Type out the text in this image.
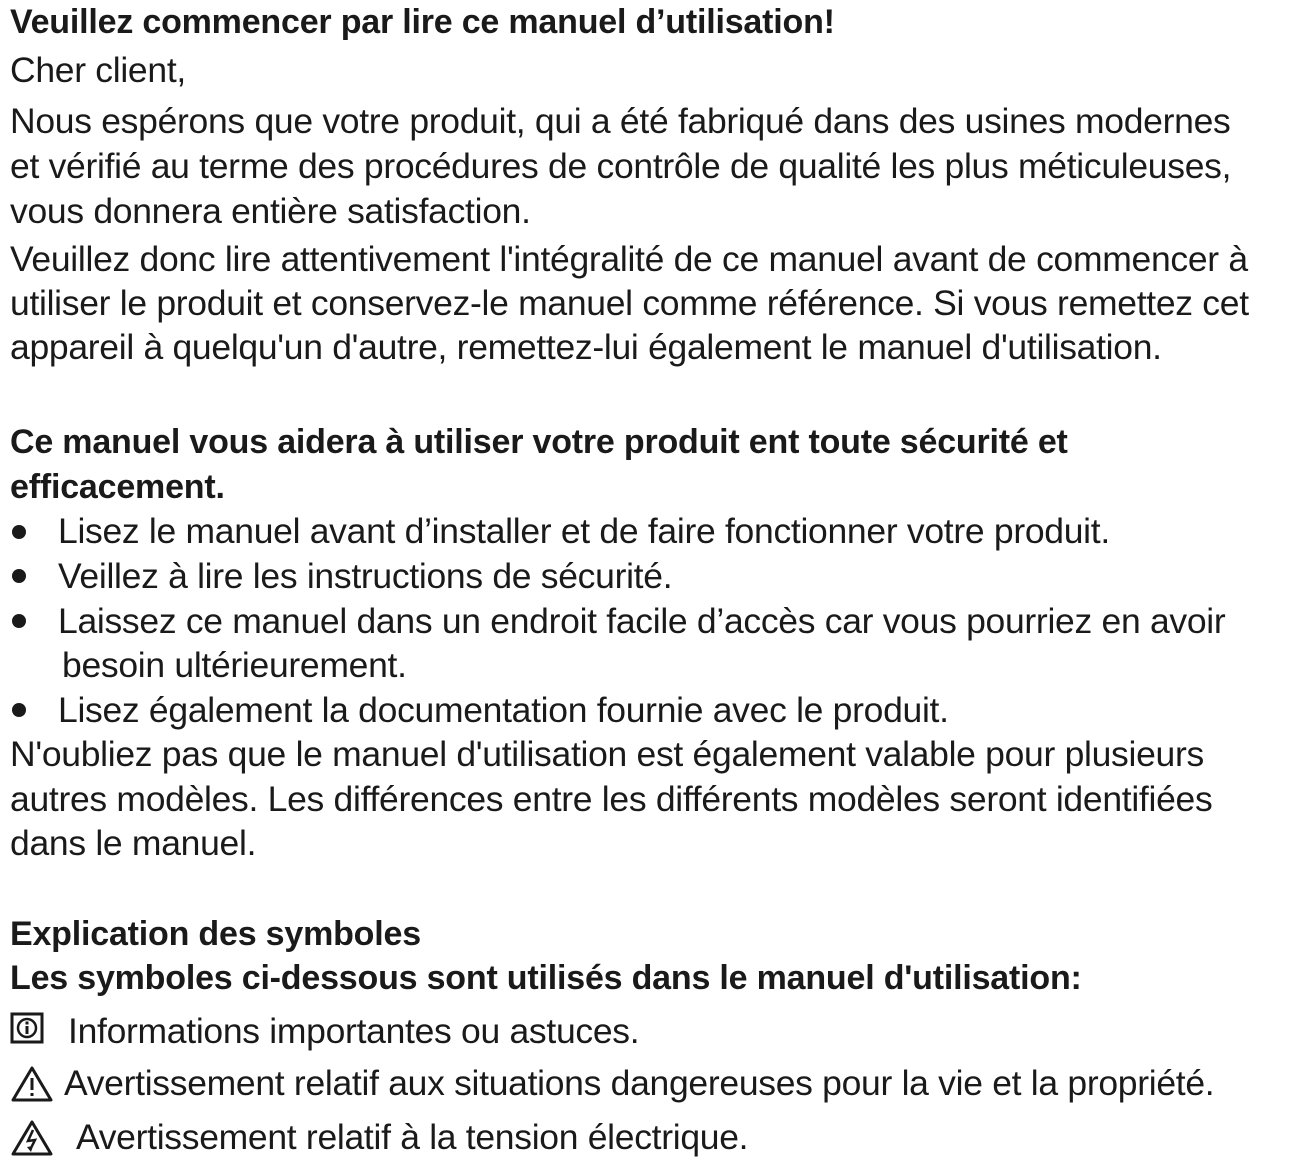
Veuillez commencer par lire ce manuel d’utilisation!
Cher client,
Nous espérons que votre produit, qui a été fabriqué dans des usines modernes
et vérifié au terme des procédures de contrôle de qualité les plus méticuleuses,
vous donnera entière satisfaction.
Veuillez donc lire attentivement l'intégralité de ce manuel avant de commencer à
utiliser le produit et conservez-le manuel comme référence. Si vous remettez cet
appareil à quelqu'un d'autre, remettez-lui également le manuel d'utilisation.
Ce manuel vous aidera à utiliser votre produit ent toute sécurité et
efficacement.
Lisez le manuel avant d’installer et de faire fonctionner votre produit.
Veillez à lire les instructions de sécurité.
Laissez ce manuel dans un endroit facile d’accès car vous pourriez en avoir
besoin ultérieurement.
Lisez également la documentation fournie avec le produit.
N'oubliez pas que le manuel d'utilisation est également valable pour plusieurs
autres modèles. Les différences entre les différents modèles seront identifiées
dans le manuel.
Explication des symboles
Les symboles ci-dessous sont utilisés dans le manuel d'utilisation:
Informations importantes ou astuces.
Avertissement relatif aux situations dangereuses pour la vie et la propriété.
Avertissement relatif à la tension électrique.
